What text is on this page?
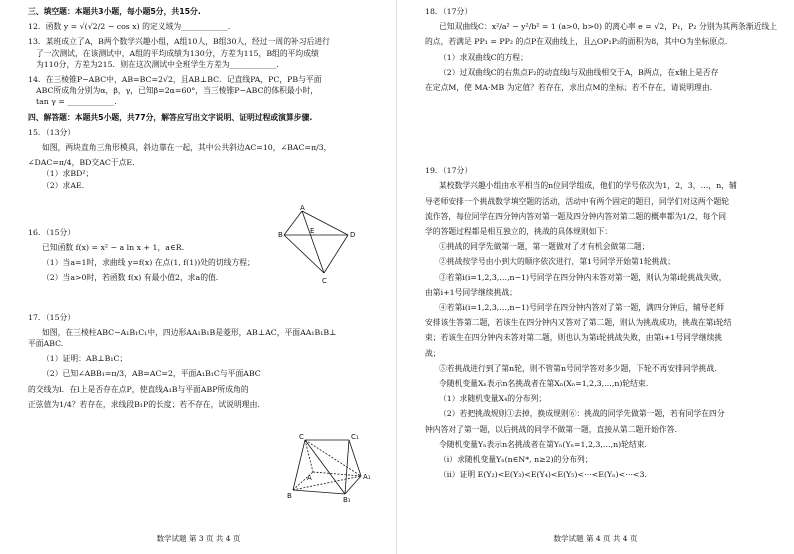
三、填空题：本题共3小题，每小题5分，共15分.
12．函数 y = √(√2/2 − cos x) 的定义域为____________.
13．某班成立了A，B两个数学兴趣小组，A组10人，B组30人，经过一周的补习后进行
了一次测试，在该测试中，A组的平均成绩为130分，方差为115，B组的平均成绩
为110分，方差为215．则在这次测试中全班学生方差为____________.
14．在三棱锥P−ABC中，AB=BC=2√2，且AB⊥BC．记直线PA，PC，PB与平面
ABC所成角分别为α，β，γ，已知β=2α=60°，当三棱锥P−ABC的体积最小时，
tan γ = ____________.
四、解答题：本题共5小题，共77分，解答应写出文字说明、证明过程或演算步骤.
15．（13分）
如图，两块直角三角形模具，斜边靠在一起，其中公共斜边AC=10，∠BAC=π/3，
∠DAC=π/4，BD交AC于点E.
（1）求BD²；
（2）求AE.
16．（15分）
已知函数 f(x) = x² − a ln x + 1，a∈R.
（1）当a=1时，求曲线 y=f(x) 在点(1, f(1))处的切线方程；
（2）当a>0时，若函数 f(x) 有最小值2，求a的值.
17．（15分）
如图，在三棱柱ABC−A₁B₁C₁中，四边形AA₁B₁B是菱形，AB⊥AC，平面AA₁B₁B⊥
平面ABC.
（1）证明：AB⊥B₁C；
（2）已知∠ABB₁=π/3，AB=AC=2，平面A₁B₁C与平面ABC
的交线为l．在l上是否存在点P，使直线A₁B与平面ABP所成角的
正弦值为1/4？若存在，求线段B₁P的长度；若不存在，试说明理由.
A
B
C
D
E
C	C₁
B	B₁
A₁
A
数学试题 第 3 页 共 4 页
18．（17分）
已知双曲线C：x²/a² − y²/b² = 1 (a>0, b>0) 的离心率 e = √2，P₁，P₂ 分别为其两条渐近线上
的点，若满足 PP₁ = PP₂ 的点P在双曲线上，且△OP₁P₂的面积为8，其中O为坐标原点.
（1）求双曲线C的方程；
（2）过双曲线C的右焦点F₂的动直线l与双曲线相交于A，B两点，在x轴上是否存
在定点M，使 MA·MB 为定值？若存在，求出点M的坐标；若不存在，请说明理由.
19．（17分）
某校数学兴趣小组由水平相当的n位同学组成，他们的学号依次为1，2，3，…，n，辅
导老师安排一个挑战数学填空题的活动，活动中有两个固定的题目，同学们对这两个题轮
流作答，每位同学在四分钟内答对第一题及四分钟内答对第二题的概率都为1/2，每个同
学的答题过程都是相互独立的，挑战的具体规则如下：
①挑战的同学先做第一题，第一题做对了才有机会做第二题；
②挑战按学号由小到大的顺序依次进行，第1号同学开始第1轮挑战；
③若第i(i=1,2,3,…,n−1)号同学在四分钟内未答对第一题，则认为第i轮挑战失败，
由第i+1号同学继续挑战；
④若第i(i=1,2,3,…,n−1)号同学在四分钟内答对了第一题，满四分钟后，辅导老师
安排该生答第二题，若该生在四分钟内又答对了第二题，则认为挑战成功，挑战在第i轮结
束；若该生在四分钟内未答对第二题，则也认为第i轮挑战失败，由第i+1号同学继续挑
战；
⑤若挑战进行到了第n轮，则不管第n号同学答对多少题，下轮不再安排同学挑战.
令随机变量Xₙ表示n名挑战者在第Xₙ(Xₙ=1,2,3,…,n)轮结束.
（1）求随机变量X₄的分布列；
（2）若把挑战规则①去掉，换成规则⑥：挑战的同学先做第一题，若有同学在四分
钟内答对了第一题，以后挑战的同学不做第一题，直接从第二题开始作答.
令随机变量Yₙ表示n名挑战者在第Yₙ(Yₙ=1,2,3,…,n)轮结束.
（i）求随机变量Yₙ(n∈N*, n≥2)的分布列；
（ii）证明 E(Y₂)<E(Y₃)<E(Y₄)<E(Y₅)<⋯<E(Yₙ)<⋯<3.
数学试题 第 4 页 共 4 页
